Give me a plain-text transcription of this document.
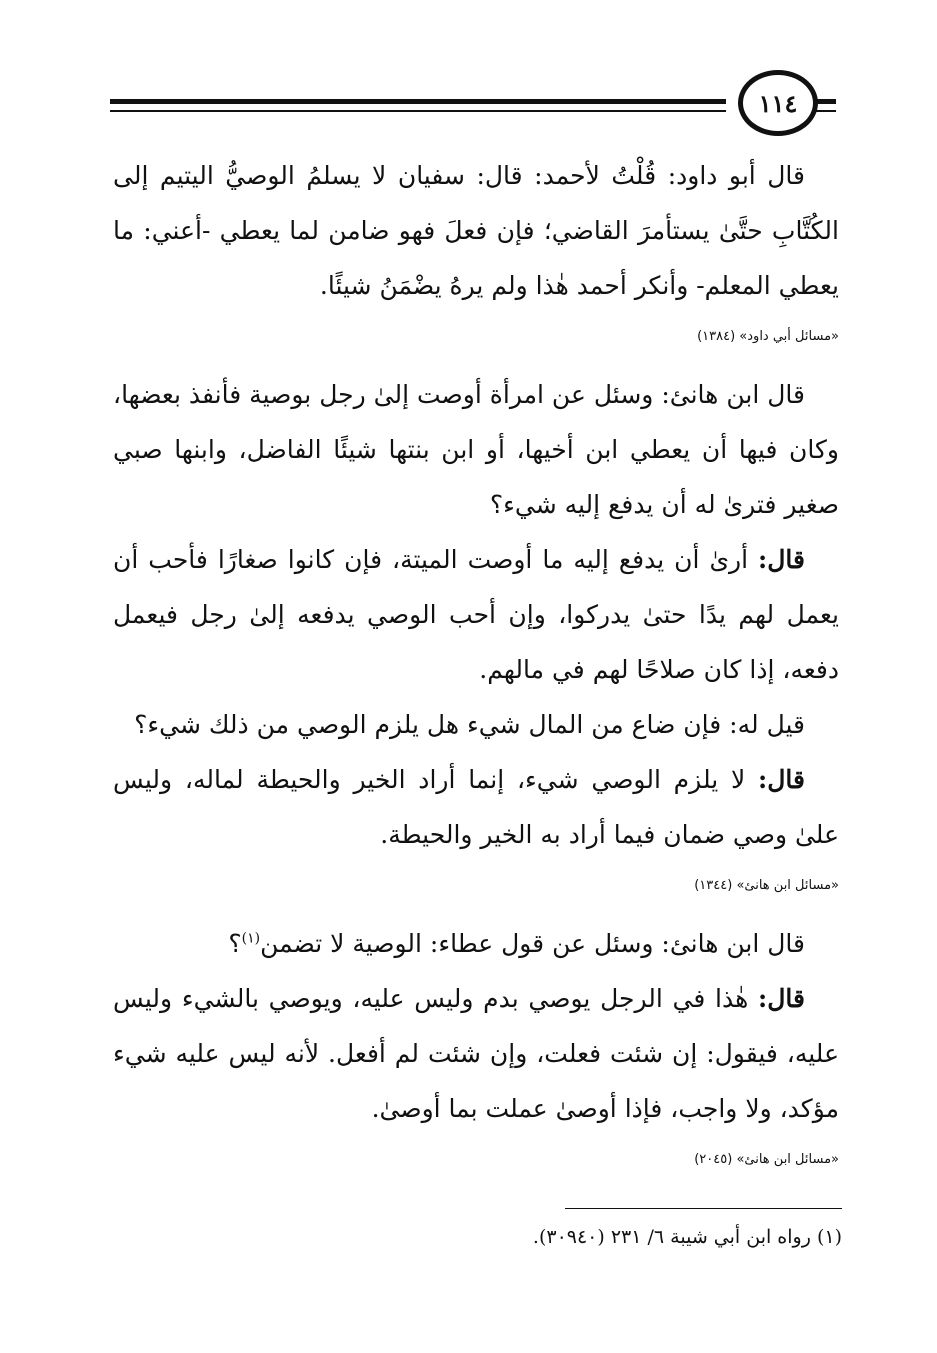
١١٤

قال أبو داود: قُلْتُ لأحمد: قال: سفيان لا يسلمُ الوصيُّ اليتيم إلى الكُتَّابِ حتَّىٰ يستأمرَ القاضي؛ فإن فعلَ فهو ضامن لما يعطي -أعني: ما يعطي المعلم- وأنكر أحمد هٰذا ولم يرهُ يضْمَنُ شيئًا.

«مسائل أبي داود» (١٣٨٤)

قال ابن هانئ: وسئل عن امرأة أوصت إلىٰ رجل بوصية فأنفذ بعضها، وكان فيها أن يعطي ابن أخيها، أو ابن بنتها شيئًا الفاضل، وابنها صبي صغير فترىٰ له أن يدفع إليه شيء؟

قال: أرىٰ أن يدفع إليه ما أوصت الميتة، فإن كانوا صغارًا فأحب أن يعمل لهم يدًا حتىٰ يدركوا، وإن أحب الوصي يدفعه إلىٰ رجل فيعمل دفعه، إذا كان صلاحًا لهم في مالهم.

قيل له: فإن ضاع من المال شيء هل يلزم الوصي من ذلك شيء؟

قال: لا يلزم الوصي شيء، إنما أراد الخير والحيطة لماله، وليس علىٰ وصي ضمان فيما أراد به الخير والحيطة.

«مسائل ابن هانئ» (١٣٤٤)

قال ابن هانئ: وسئل عن قول عطاء: الوصية لا تضمن$^{(١)}$؟

قال: هٰذا في الرجل يوصي بدم وليس عليه، ويوصي بالشيء وليس عليه، فيقول: إن شئت فعلت، وإن شئت لم أفعل. لأنه ليس عليه شيء مؤكد، ولا واجب، فإذا أوصىٰ عملت بما أوصىٰ.

«مسائل ابن هانئ» (٢٠٤٥)

(١) رواه ابن أبي شيبة ٦/ ٢٣١ (٣٠٩٤٠).
